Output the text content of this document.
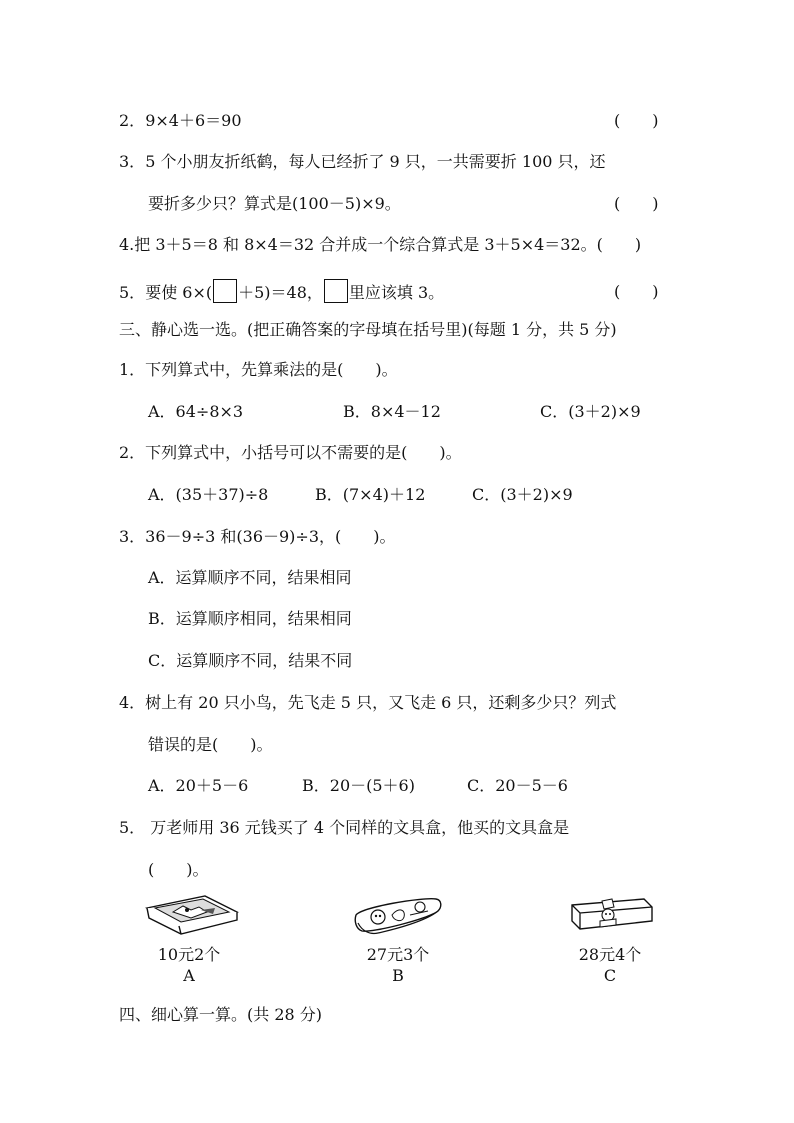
2．9×4＋6＝90	(　　)
3．5 个小朋友折纸鹤，每人已经折了 9 只，一共需要折 100 只，还
要折多少只？算式是(100－5)×9。	(　　)
4.把 3＋5＝8 和 8×4＝32 合并成一个综合算式是 3＋5×4＝32。(　　)
5．要使 6×( ＋5)＝48， 里应该填 3。	(　　)
三、静心选一选。(把正确答案的字母填在括号里)(每题 1 分，共 5 分)
1．下列算式中，先算乘法的是(　　)。
A．64÷8×3	B．8×4－12	C．(3＋2)×9
2．下列算式中，小括号可以不需要的是(　　)。
A．(35＋37)÷8	B．(7×4)＋12	C．(3＋2)×9
3．36－9÷3 和(36－9)÷3，(　　)。
A．运算顺序不同，结果相同
B．运算顺序相同，结果相同
C．运算顺序不同，结果不同
4．树上有 20 只小鸟，先飞走 5 只，又飞走 6 只，还剩多少只？列式
错误的是(　　)。
A．20＋5－6	B．20－(5＋6)	C．20－5－6
5． 万老师用 36 元钱买了 4 个同样的文具盒，他买的文具盒是
(　　)。
10元2个
A
27元3个
B
28元4个
C
四、细心算一算。(共 28 分)
